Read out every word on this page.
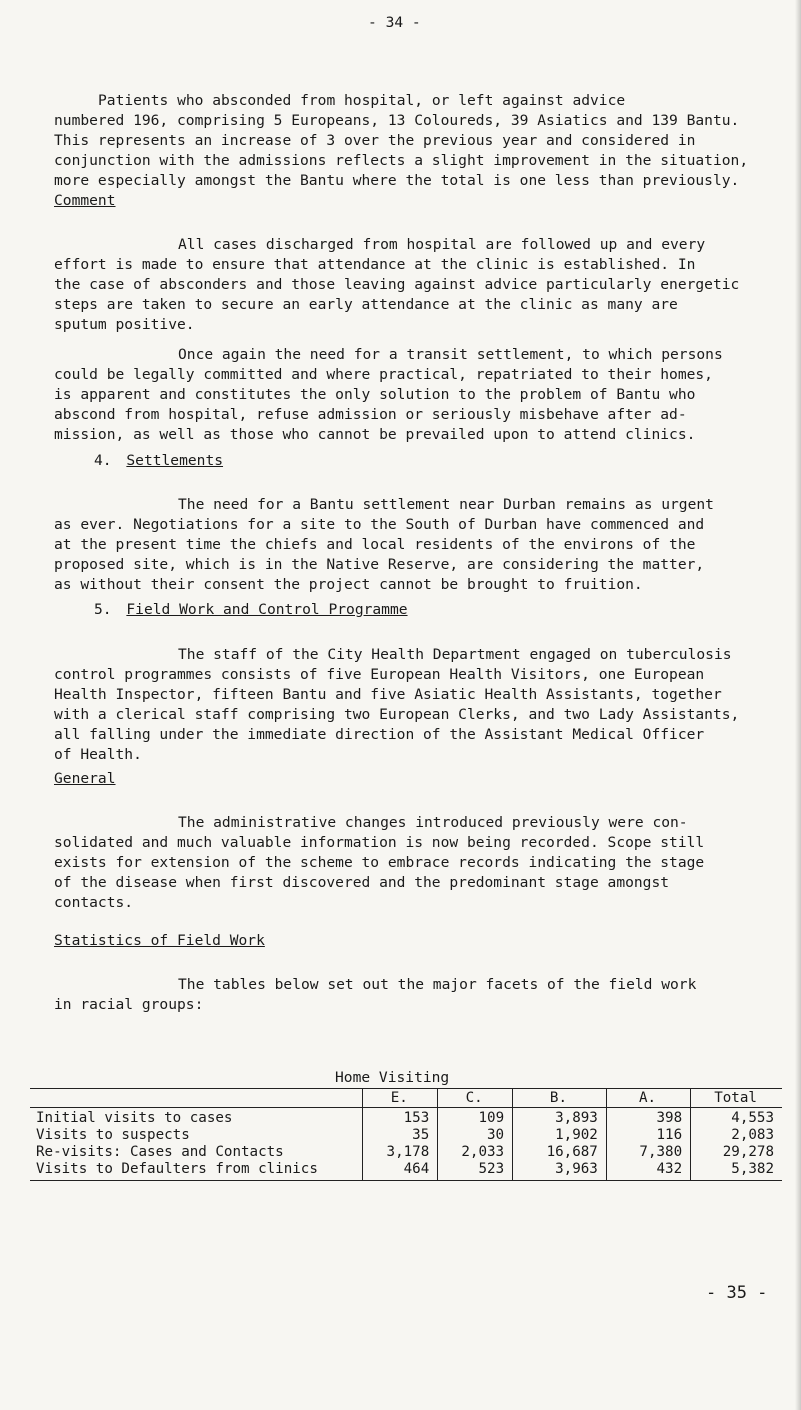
- 34 -

Patients who absconded from hospital, or left against advice
numbered 196, comprising 5 Europeans, 13 Coloureds, 39 Asiatics and 139 Bantu.
This represents an increase of 3 over the previous year and considered in
conjunction with the admissions reflects a slight improvement in the situation,
more especially amongst the Bantu where the total is one less than previously.

Comment

All cases discharged from hospital are followed up and every
effort is made to ensure that attendance at the clinic is established. In
the case of absconders and those leaving against advice particularly energetic
steps are taken to secure an early attendance at the clinic as many are
sputum positive.

Once again the need for a transit settlement, to which persons
could be legally committed and where practical, repatriated to their homes,
is apparent and constitutes the only solution to the problem of Bantu who
abscond from hospital, refuse admission or seriously misbehave after ad-
mission, as well as those who cannot be prevailed upon to attend clinics.

4. Settlements

The need for a Bantu settlement near Durban remains as urgent
as ever. Negotiations for a site to the South of Durban have commenced and
at the present time the chiefs and local residents of the environs of the
proposed site, which is in the Native Reserve, are considering the matter,
as without their consent the project cannot be brought to fruition.

5. Field Work and Control Programme

The staff of the City Health Department engaged on tuberculosis
control programmes consists of five European Health Visitors, one European
Health Inspector, fifteen Bantu and five Asiatic Health Assistants, together
with a clerical staff comprising two European Clerks, and two Lady Assistants,
all falling under the immediate direction of the Assistant Medical Officer
of Health.

General

The administrative changes introduced previously were con-
solidated and much valuable information is now being recorded. Scope still
exists for extension of the scheme to embrace records indicating the stage
of the disease when first discovered and the predominant stage amongst
contacts.

Statistics of Field Work

The tables below set out the major facets of the field work
in racial groups:

Home Visiting
	E.	C.	B.	A.	Total
Initial visits to cases	153	109	3,893	398	4,553
Visits to suspects	35	30	1,902	116	2,083
Re-visits: Cases and Contacts	3,178	2,033	16,687	7,380	29,278
Visits to Defaulters from clinics	464	523	3,963	432	5,382
- 35 -
